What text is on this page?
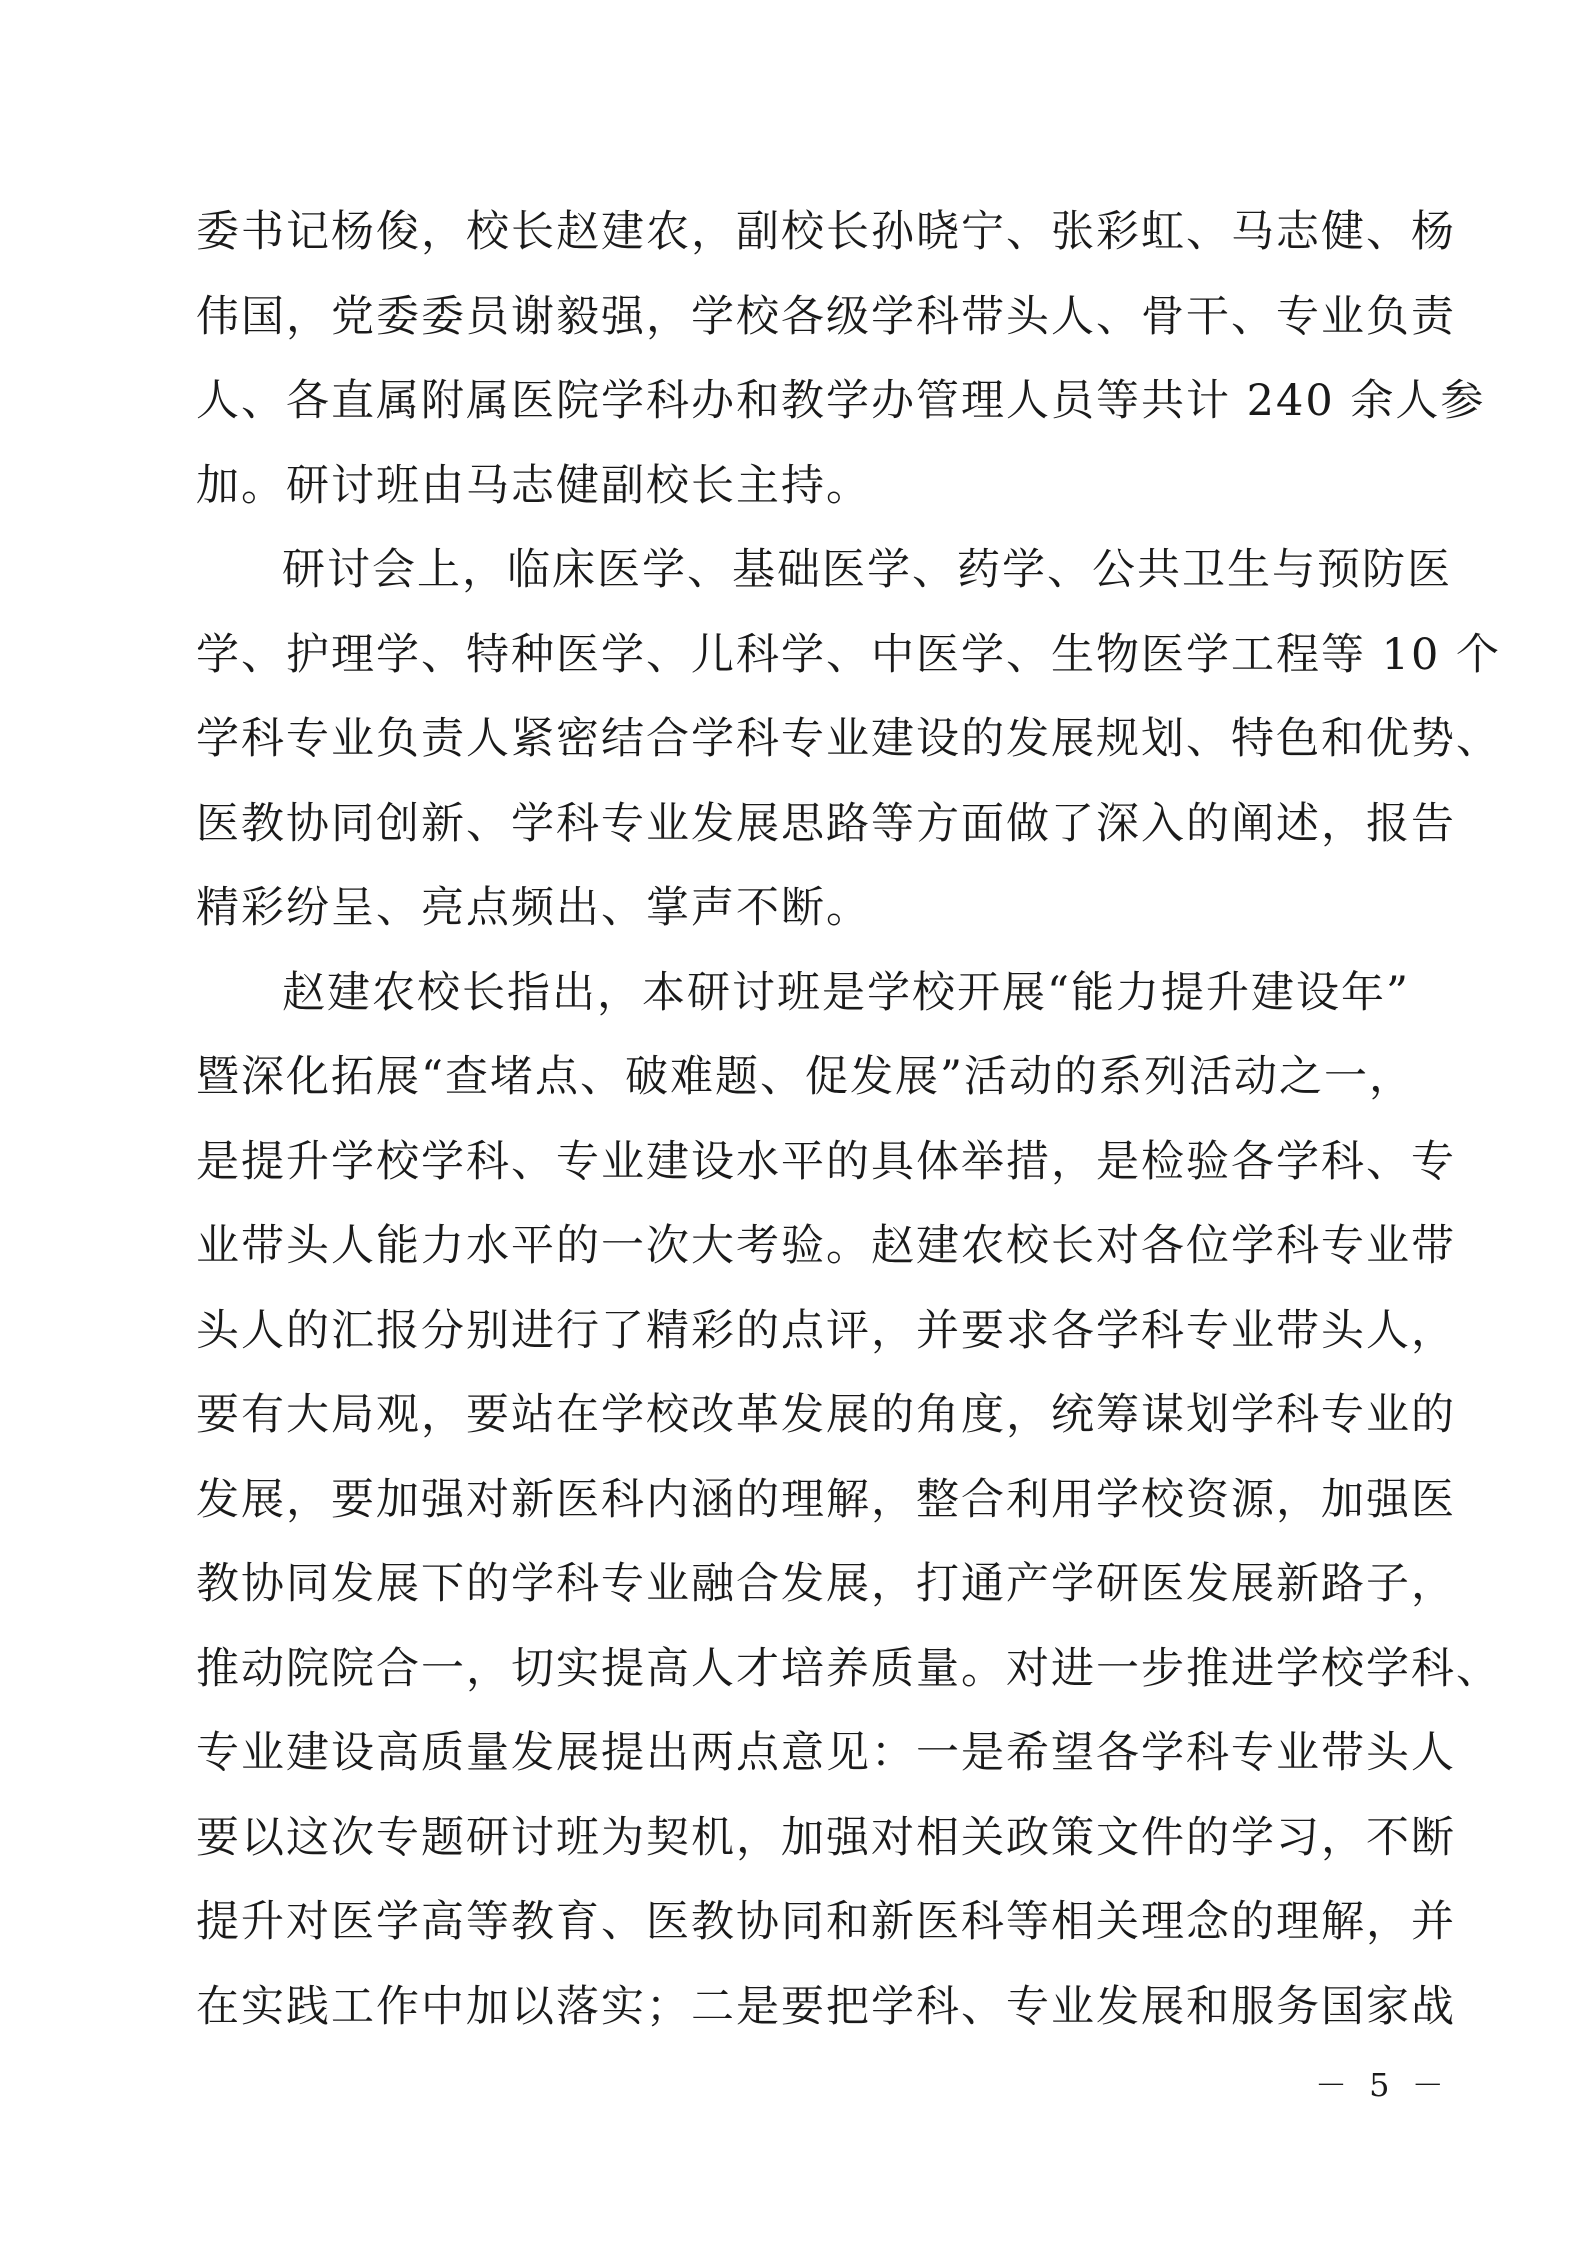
委书记杨俊，校长赵建农，副校长孙晓宁、张彩虹、马志健、杨
伟国，党委委员谢毅强，学校各级学科带头人、骨干、专业负责
人、各直属附属医院学科办和教学办管理人员等共计 240 余人参
加。研讨班由马志健副校长主持。
研讨会上，临床医学、基础医学、药学、公共卫生与预防医
学、护理学、特种医学、儿科学、中医学、生物医学工程等 10 个
学科专业负责人紧密结合学科专业建设的发展规划、特色和优势、
医教协同创新、学科专业发展思路等方面做了深入的阐述，报告
精彩纷呈、亮点频出、掌声不断。
赵建农校长指出，本研讨班是学校开展“能力提升建设年”
暨深化拓展“查堵点、破难题、促发展”活动的系列活动之一，
是提升学校学科、专业建设水平的具体举措，是检验各学科、专
业带头人能力水平的一次大考验。赵建农校长对各位学科专业带
头人的汇报分别进行了精彩的点评，并要求各学科专业带头人，
要有大局观，要站在学校改革发展的角度，统筹谋划学科专业的
发展，要加强对新医科内涵的理解，整合利用学校资源，加强医
教协同发展下的学科专业融合发展，打通产学研医发展新路子，
推动院院合一，切实提高人才培养质量。对进一步推进学校学科、
专业建设高质量发展提出两点意见：一是希望各学科专业带头人
要以这次专题研讨班为契机，加强对相关政策文件的学习，不断
提升对医学高等教育、医教协同和新医科等相关理念的理解，并
在实践工作中加以落实；二是要把学科、专业发展和服务国家战
－ 5 －
